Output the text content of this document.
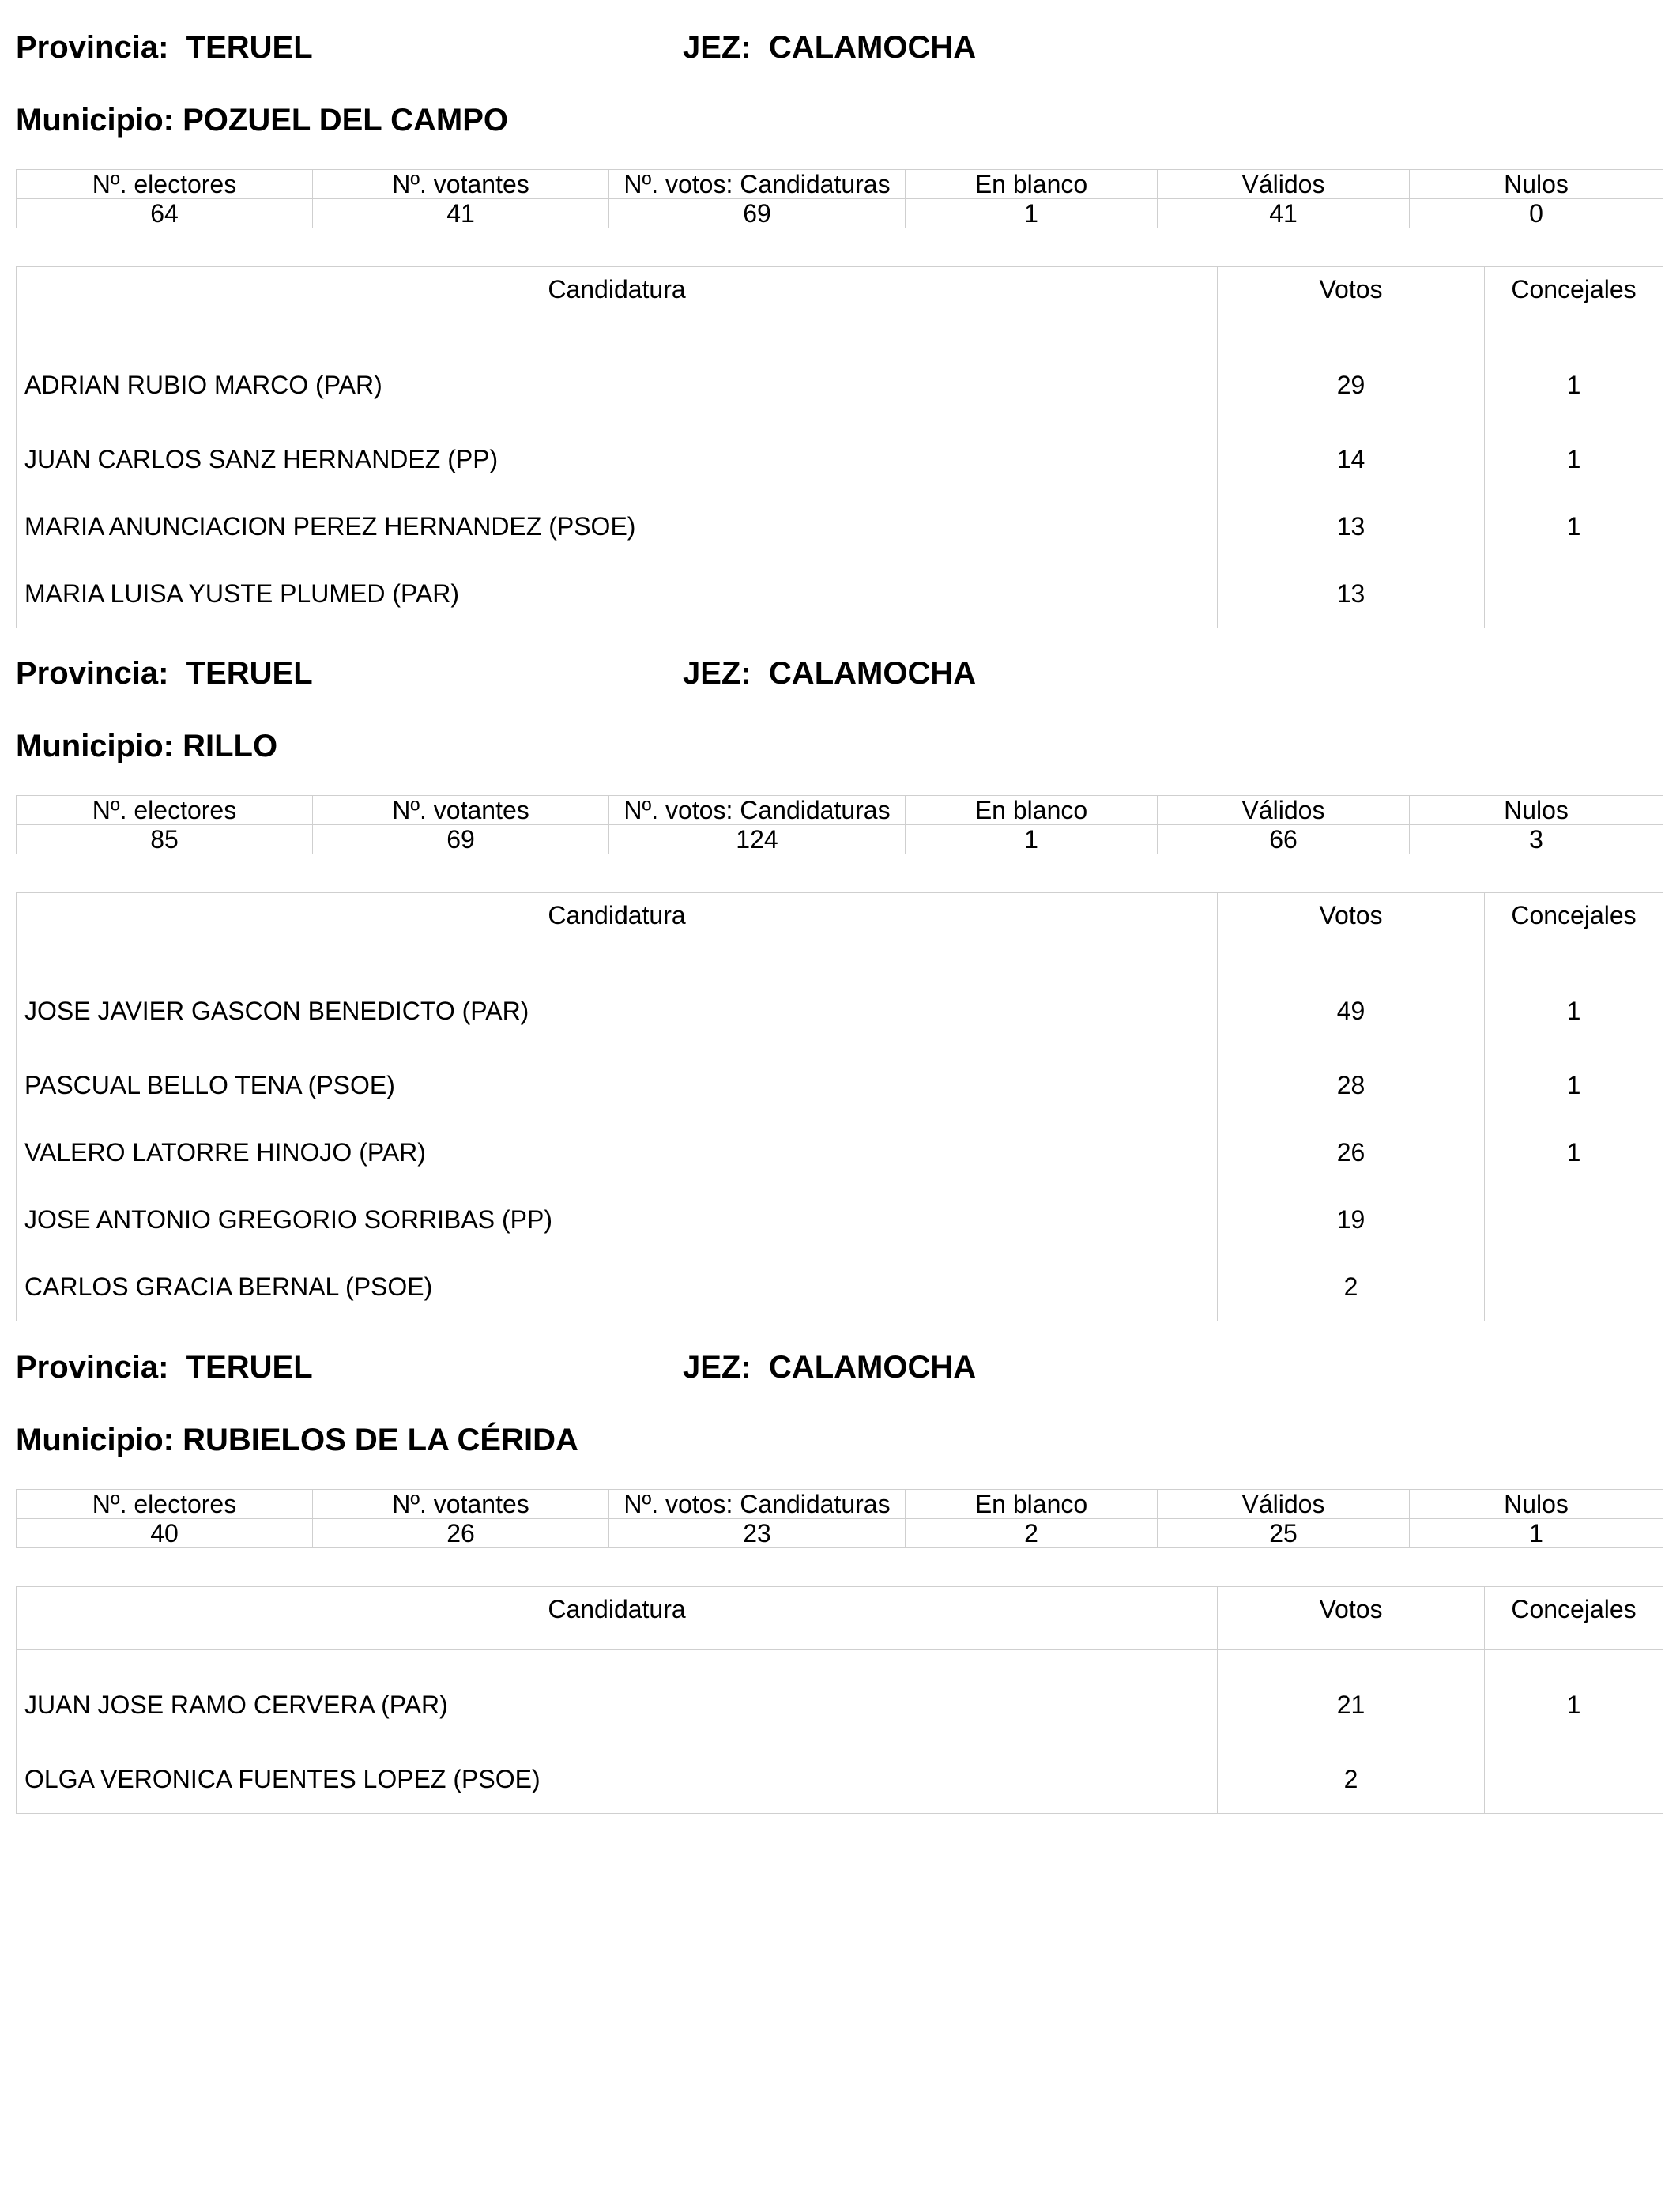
Provincia: TERUEL	JEZ: CALAMOCHA
Municipio: POZUEL DEL CAMPO
Nº. electores	Nº. votantes	Nº. votos: Candidaturas	En blanco	Válidos	Nulos
64	41	69	1	41	0
Candidatura	Votos	Concejales
ADRIAN RUBIO MARCO (PAR)	29	1
JUAN CARLOS SANZ HERNANDEZ (PP)	14	1
MARIA ANUNCIACION PEREZ HERNANDEZ (PSOE)	13	1
MARIA LUISA YUSTE PLUMED (PAR)	13	
Provincia: TERUEL	JEZ: CALAMOCHA
Municipio: RILLO
Nº. electores	Nº. votantes	Nº. votos: Candidaturas	En blanco	Válidos	Nulos
85	69	124	1	66	3
Candidatura	Votos	Concejales
JOSE JAVIER GASCON BENEDICTO (PAR)	49	1
PASCUAL BELLO TENA (PSOE)	28	1
VALERO LATORRE HINOJO (PAR)	26	1
JOSE ANTONIO GREGORIO SORRIBAS (PP)	19	
CARLOS GRACIA BERNAL (PSOE)	2	
Provincia: TERUEL	JEZ: CALAMOCHA
Municipio: RUBIELOS DE LA CÉRIDA
Nº. electores	Nº. votantes	Nº. votos: Candidaturas	En blanco	Válidos	Nulos
40	26	23	2	25	1
Candidatura	Votos	Concejales
JUAN JOSE RAMO CERVERA (PAR)	21	1
OLGA VERONICA FUENTES LOPEZ (PSOE)	2	
